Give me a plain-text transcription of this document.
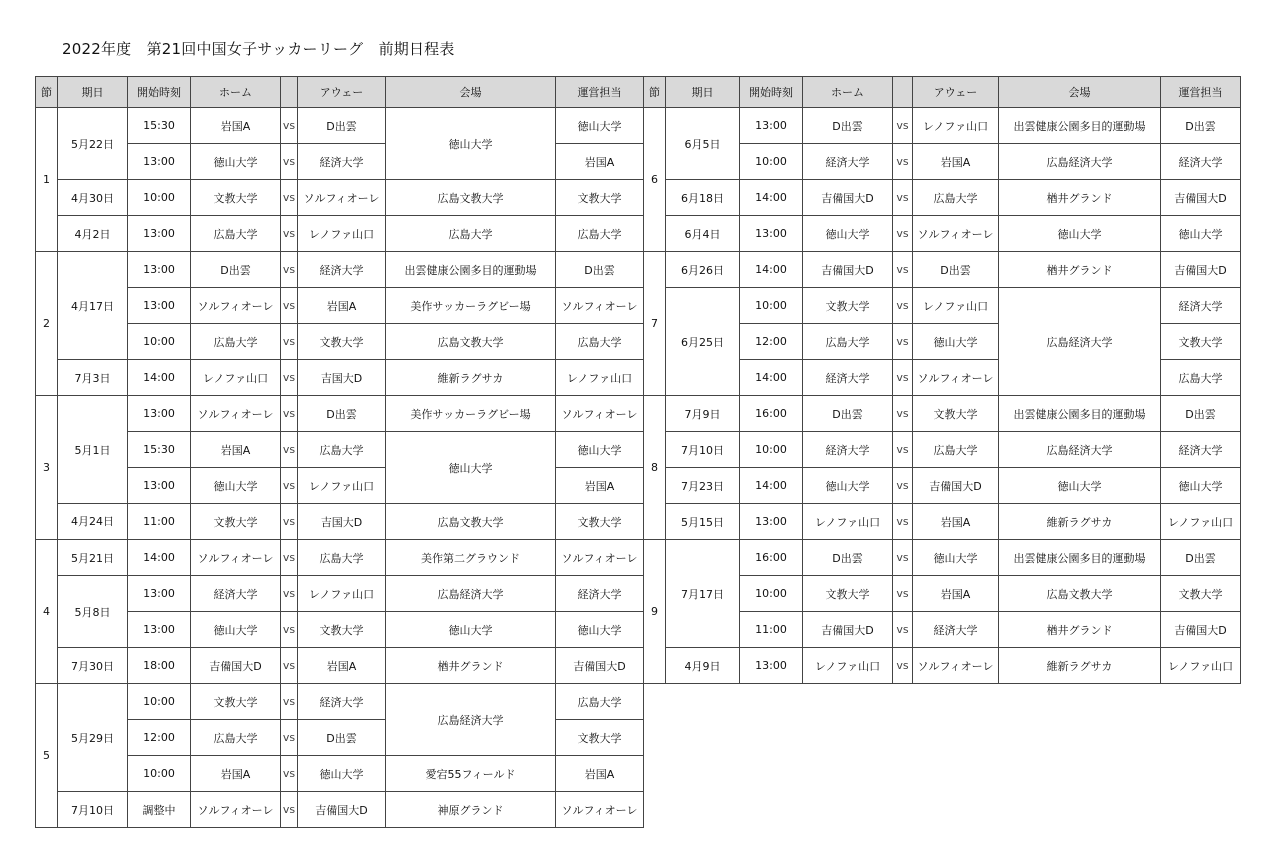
2022年度　第21回中国女子サッカーリーグ　前期日程表
節	期日	開始時刻	ホーム		アウェー	会場	運営担当
1	5月22日	15:30	岩国A	vs	D出雲	徳山大学	徳山大学
		13:00	徳山大学	vs	経済大学		岩国A
	4月30日	10:00	文教大学	vs	ソルフィオーレ	広島文教大学	文教大学
	4月2日	13:00	広島大学	vs	レノファ山口	広島大学	広島大学
2	4月17日	13:00	D出雲	vs	経済大学	出雲健康公園多目的運動場	D出雲
		13:00	ソルフィオーレ	vs	岩国A	美作サッカーラグビー場	ソルフィオーレ
		10:00	広島大学	vs	文教大学	広島文教大学	広島大学
	7月3日	14:00	レノファ山口	vs	吉国大D	維新ラグサカ	レノファ山口
3	5月1日	13:00	ソルフィオーレ	vs	D出雲	美作サッカーラグビー場	ソルフィオーレ
		15:30	岩国A	vs	広島大学	徳山大学	徳山大学
		13:00	徳山大学	vs	レノファ山口		岩国A
	4月24日	11:00	文教大学	vs	吉国大D	広島文教大学	文教大学
4	5月21日	14:00	ソルフィオーレ	vs	広島大学	美作第二グラウンド	ソルフィオーレ
	5月8日	13:00	経済大学	vs	レノファ山口	広島経済大学	経済大学
		13:00	徳山大学	vs	文教大学	徳山大学	徳山大学
	7月30日	18:00	吉備国大D	vs	岩国A	楢井グランド	吉備国大D
5	5月29日	10:00	文教大学	vs	経済大学	広島経済大学	広島大学
		12:00	広島大学	vs	D出雲		文教大学
		10:00	岩国A	vs	徳山大学	愛宕55フィールド	岩国A
	7月10日	調整中	ソルフィオーレ	vs	吉備国大D	神原グランド	ソルフィオーレ
節	期日	開始時刻	ホーム		アウェー	会場	運営担当
6	6月5日	13:00	D出雲	vs	レノファ山口	出雲健康公園多目的運動場	D出雲
		10:00	経済大学	vs	岩国A	広島経済大学	経済大学
	6月18日	14:00	吉備国大D	vs	広島大学	楢井グランド	吉備国大D
	6月4日	13:00	徳山大学	vs	ソルフィオーレ	徳山大学	徳山大学
7	6月26日	14:00	吉備国大D	vs	D出雲	楢井グランド	吉備国大D
	6月25日	10:00	文教大学	vs	レノファ山口	広島経済大学	経済大学
		12:00	広島大学	vs	徳山大学		文教大学
		14:00	経済大学	vs	ソルフィオーレ		広島大学
8	7月9日	16:00	D出雲	vs	文教大学	出雲健康公園多目的運動場	D出雲
	7月10日	10:00	経済大学	vs	広島大学	広島経済大学	経済大学
	7月23日	14:00	徳山大学	vs	吉備国大D	徳山大学	徳山大学
	5月15日	13:00	レノファ山口	vs	岩国A	維新ラグサカ	レノファ山口
9	7月17日	16:00	D出雲	vs	徳山大学	出雲健康公園多目的運動場	D出雲
		10:00	文教大学	vs	岩国A	広島文教大学	文教大学
		11:00	吉備国大D	vs	経済大学	楢井グランド	吉備国大D
	4月9日	13:00	レノファ山口	vs	ソルフィオーレ	維新ラグサカ	レノファ山口
